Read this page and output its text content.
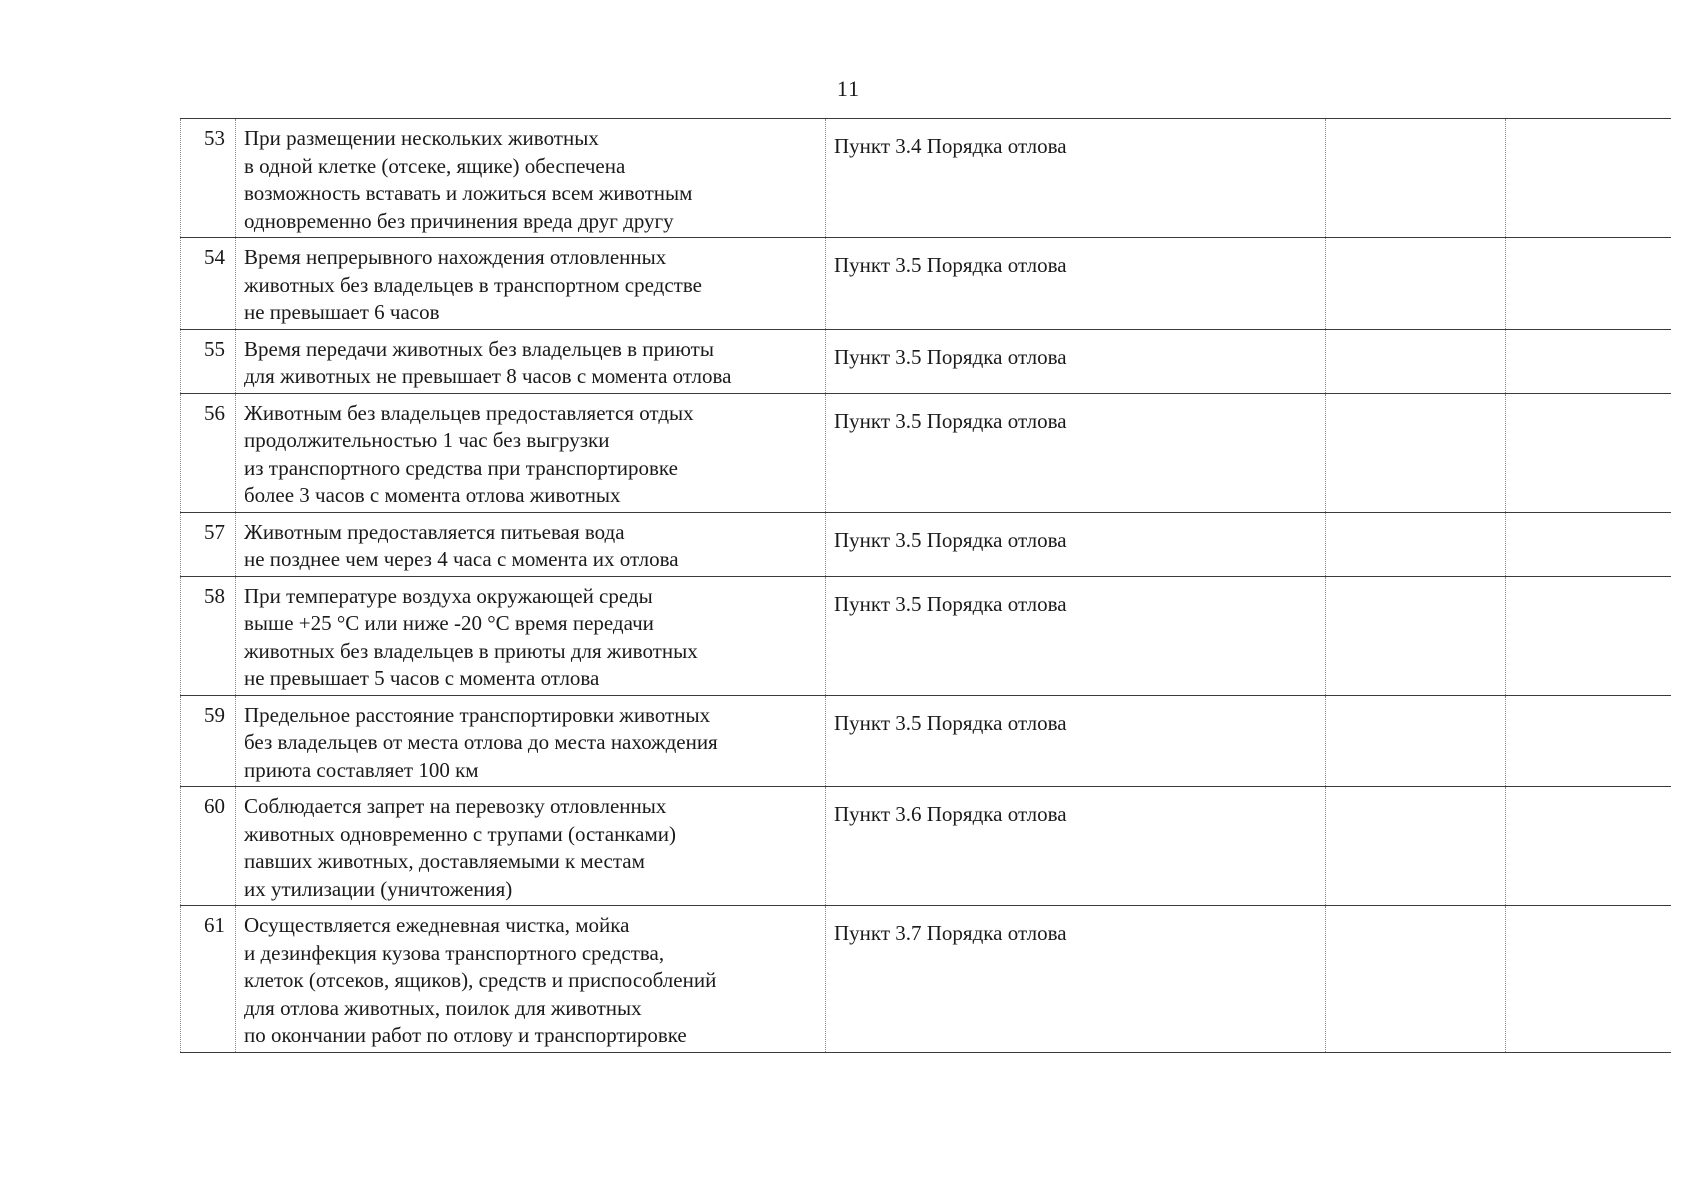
11
53	При размещении нескольких животных
в одной клетке (отсеке, ящике) обеспечена
возможность вставать и ложиться всем животным
одновременно без причинения вреда друг другу	Пункт 3.4 Порядка отлова		
54	Время непрерывного нахождения отловленных
животных без владельцев в транспортном средстве
не превышает 6 часов	Пункт 3.5 Порядка отлова		
55	Время передачи животных без владельцев в приюты
для животных не превышает 8 часов с момента отлова	Пункт 3.5 Порядка отлова		
56	Животным без владельцев предоставляется отдых
продолжительностью 1 час без выгрузки
из транспортного средства при транспортировке
более 3 часов с момента отлова животных	Пункт 3.5 Порядка отлова		
57	Животным предоставляется питьевая вода
не позднее чем через 4 часа с момента их отлова	Пункт 3.5 Порядка отлова		
58	При температуре воздуха окружающей среды
выше +25 °С или ниже -20 °С время передачи
животных без владельцев в приюты для животных
не превышает 5 часов с момента отлова	Пункт 3.5 Порядка отлова		
59	Предельное расстояние транспортировки животных
без владельцев от места отлова до места нахождения
приюта составляет 100 км	Пункт 3.5 Порядка отлова		
60	Соблюдается запрет на перевозку отловленных
животных одновременно с трупами (останками)
павших животных, доставляемыми к местам
их утилизации (уничтожения)	Пункт 3.6 Порядка отлова		
61	Осуществляется ежедневная чистка, мойка
и дезинфекция кузова транспортного средства,
клеток (отсеков, ящиков), средств и приспособлений
для отлова животных, поилок для животных
по окончании работ по отлову и транспортировке	Пункт 3.7 Порядка отлова		
